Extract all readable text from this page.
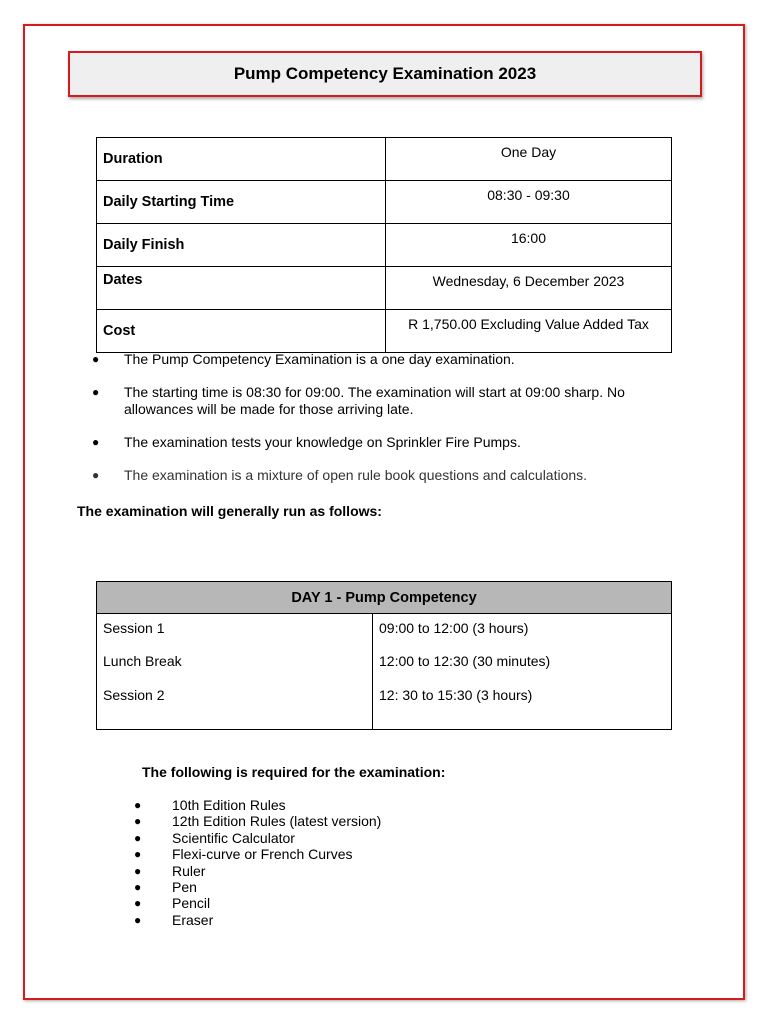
Pump Competency Examination 2023
Duration	One Day
Daily Starting Time	08:30 - 09:30
Daily Finish	16:00
Dates	Wednesday, 6 December 2023
Cost	R 1,750.00 Excluding Value Added Tax
● The Pump Competency Examination is a one day examination.
● The starting time is 08:30 for 09:00. The examination will start at 09:00 sharp. No allowances will be made for those arriving late.
● The examination tests your knowledge on Sprinkler Fire Pumps.
● The examination is a mixture of open rule book questions and calculations.
The examination will generally run as follows:
DAY 1 - Pump Competency	
Session 1	09:00 to 12:00 (3 hours)
Lunch Break	12:00 to 12:30 (30 minutes)
Session 2	12: 30 to 15:30 (3 hours)
The following is required for the examination:
● 10th Edition Rules
● 12th Edition Rules (latest version)
● Scientific Calculator
● Flexi-curve or French Curves
● Ruler
● Pen
● Pencil
● Eraser
